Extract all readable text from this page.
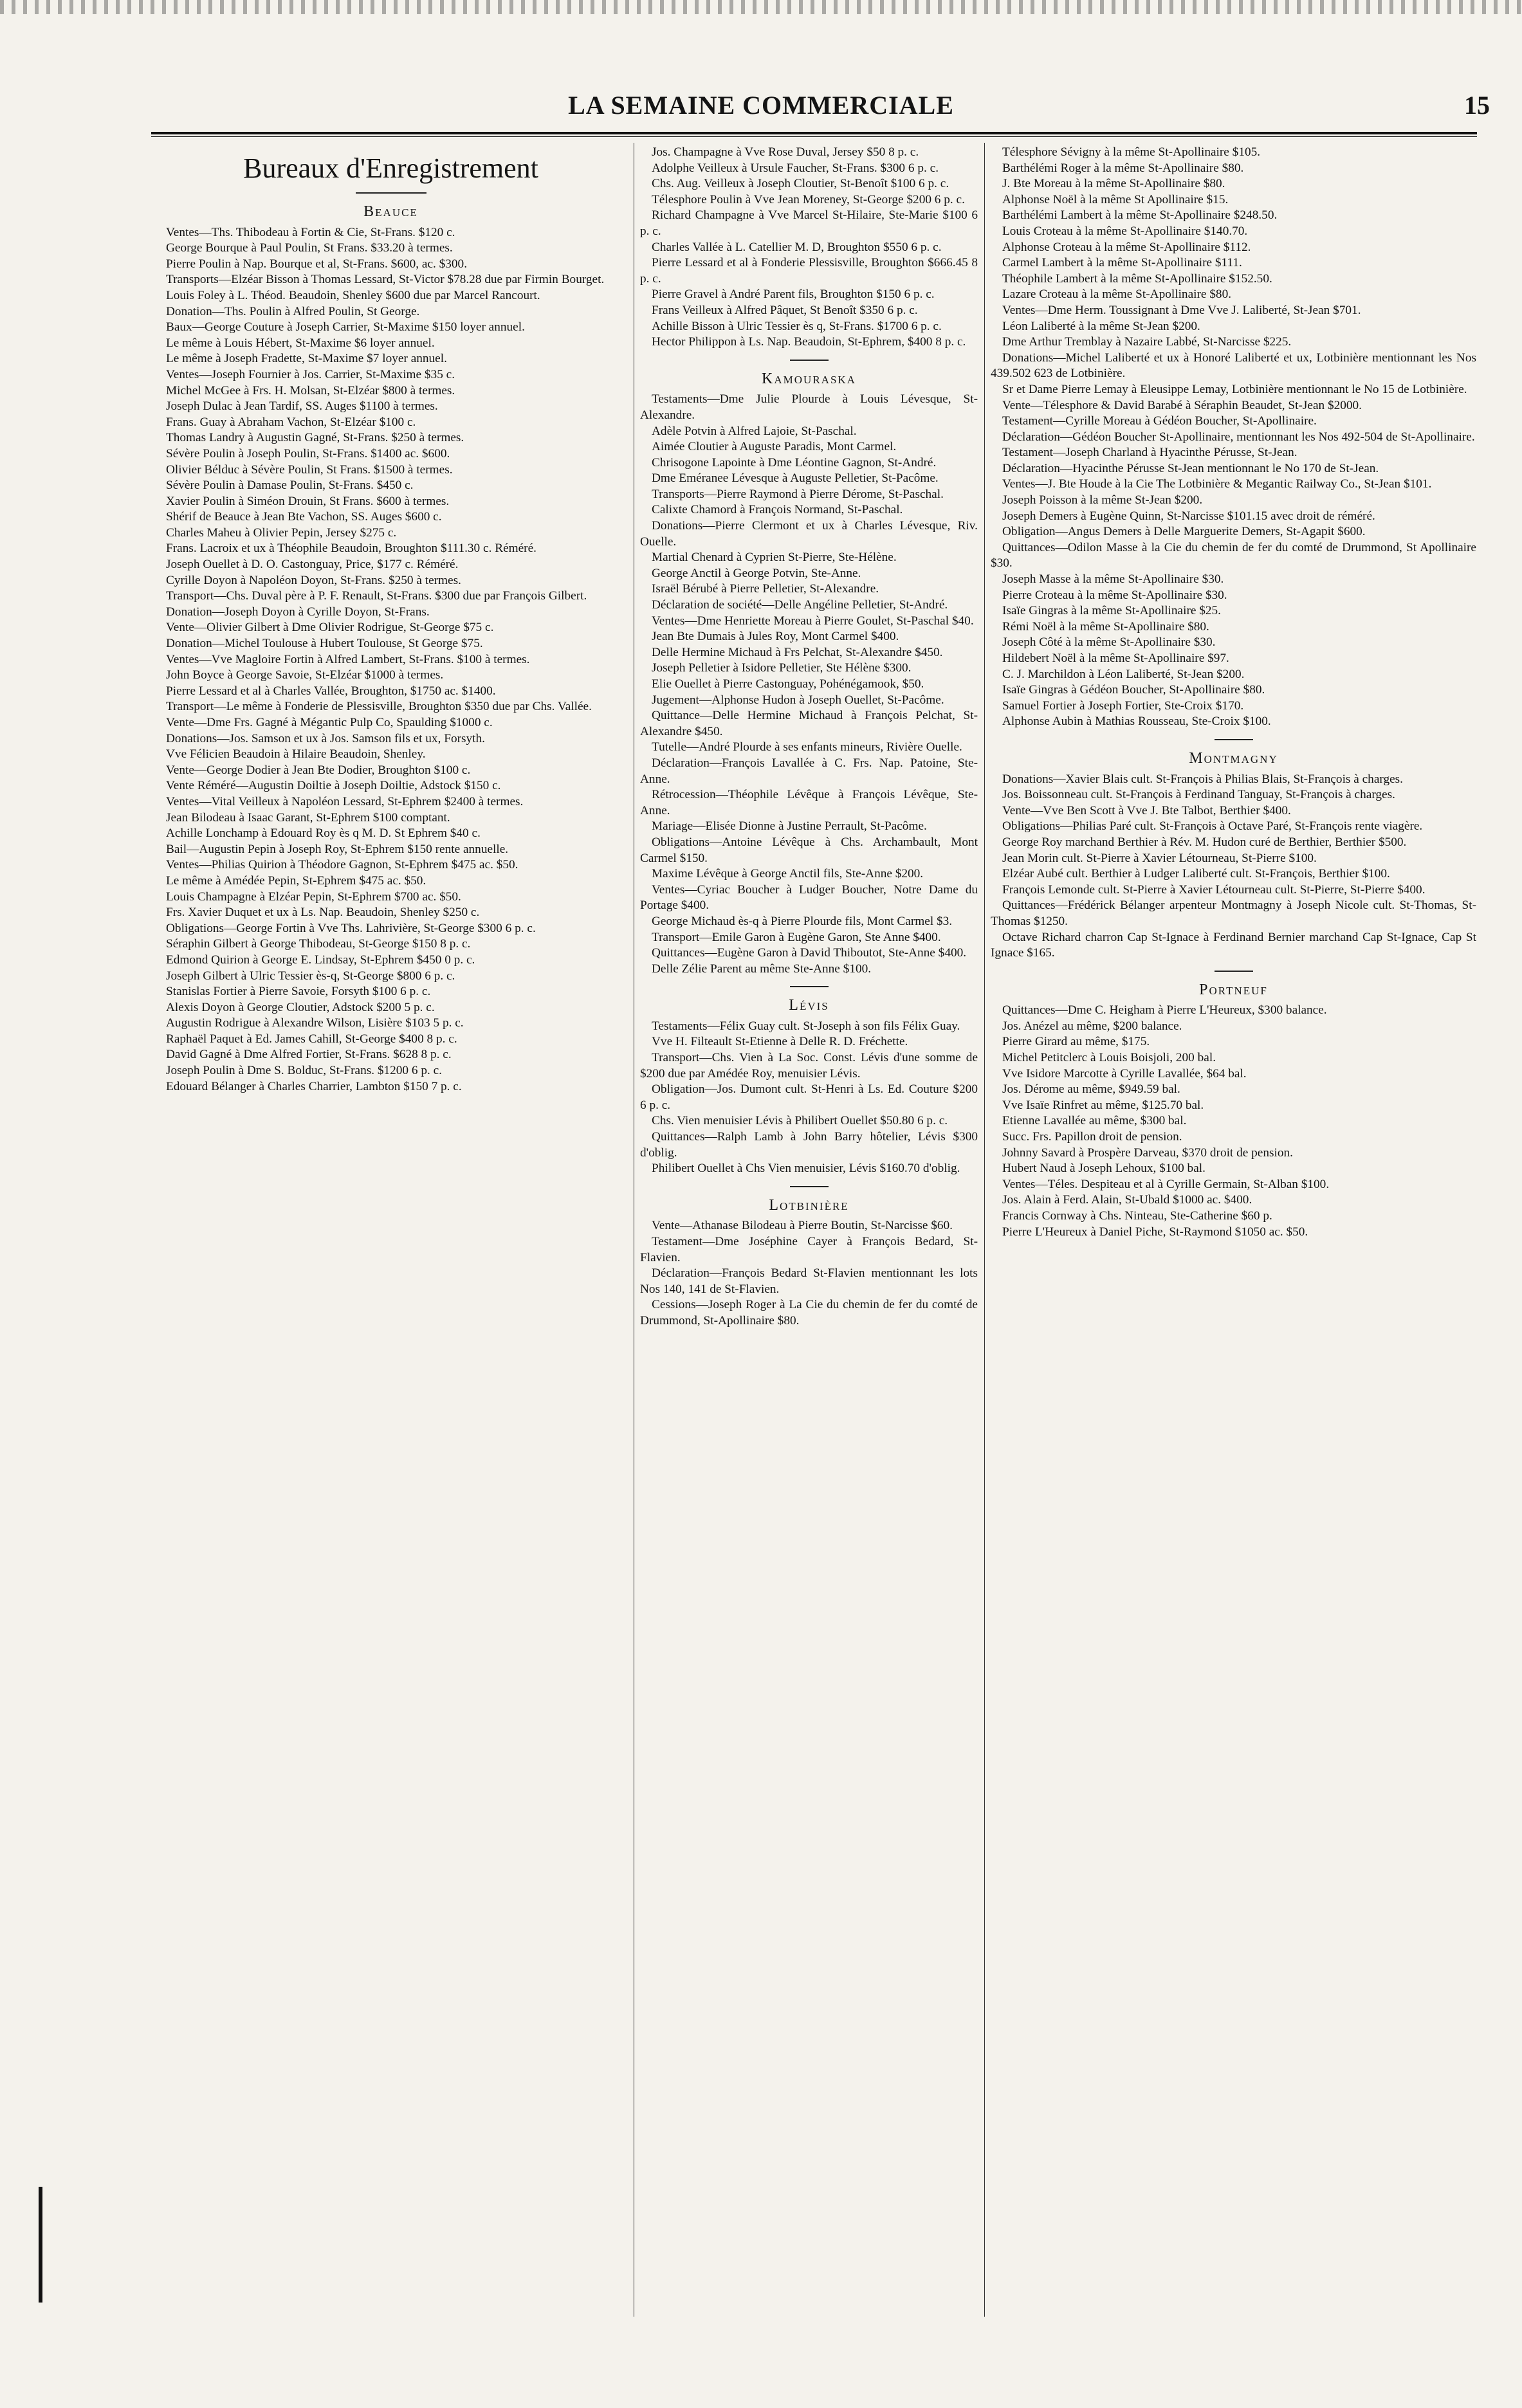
LA SEMAINE COMMERCIALE	15
Bureaux d'Enregistrement
Beauce

Ventes—Ths. Thibodeau à Fortin & Cie, St-Frans. $120 c.

George Bourque à Paul Poulin, St Frans. $33.20 à termes.

Pierre Poulin à Nap. Bourque et al, St-Frans. $600, ac. $300.

Transports—Elzéar Bisson à Thomas Lessard, St-Victor $78.28 due par Firmin Bourget.

Louis Foley à L. Théod. Beaudoin, Shenley $600 due par Marcel Rancourt.

Donation—Ths. Poulin à Alfred Poulin, St George.

Baux—George Couture à Joseph Carrier, St-Maxime $150 loyer annuel.

Le même à Louis Hébert, St-Maxime $6 loyer annuel.

Le même à Joseph Fradette, St-Maxime $7 loyer annuel.

Ventes—Joseph Fournier à Jos. Carrier, St-Maxime $35 c.

Michel McGee à Frs. H. Molsan, St-Elzéar $800 à termes.

Joseph Dulac à Jean Tardif, SS. Auges $1100 à termes.

Frans. Guay à Abraham Vachon, St-Elzéar $100 c.

Thomas Landry à Augustin Gagné, St-Frans. $250 à termes.

Sévère Poulin à Joseph Poulin, St-Frans. $1400 ac. $600.

Olivier Bélduc à Sévère Poulin, St Frans. $1500 à termes.

Sévère Poulin à Damase Poulin, St-Frans. $450 c.

Xavier Poulin à Siméon Drouin, St Frans. $600 à termes.

Shérif de Beauce à Jean Bte Vachon, SS. Auges $600 c.

Charles Maheu à Olivier Pepin, Jersey $275 c.

Frans. Lacroix et ux à Théophile Beaudoin, Broughton $111.30 c. Réméré.

Joseph Ouellet à D. O. Castonguay, Price, $177 c. Réméré.

Cyrille Doyon à Napoléon Doyon, St-Frans. $250 à termes.

Transport—Chs. Duval père à P. F. Renault, St-Frans. $300 due par François Gilbert.

Donation—Joseph Doyon à Cyrille Doyon, St-Frans.

Vente—Olivier Gilbert à Dme Olivier Rodrigue, St-George $75 c.

Donation—Michel Toulouse à Hubert Toulouse, St George $75.

Ventes—Vve Magloire Fortin à Alfred Lambert, St-Frans. $100 à termes.

John Boyce à George Savoie, St-Elzéar $1000 à termes.

Pierre Lessard et al à Charles Vallée, Broughton, $1750 ac. $1400.

Transport—Le même à Fonderie de Plessisville, Broughton $350 due par Chs. Vallée.

Vente—Dme Frs. Gagné à Mégantic Pulp Co, Spaulding $1000 c.

Donations—Jos. Samson et ux à Jos. Samson fils et ux, Forsyth.

Vve Félicien Beaudoin à Hilaire Beaudoin, Shenley.

Vente—George Dodier à Jean Bte Dodier, Broughton $100 c.

Vente Réméré—Augustin Doiltie à Joseph Doiltie, Adstock $150 c.

Ventes—Vital Veilleux à Napoléon Lessard, St-Ephrem $2400 à termes.

Jean Bilodeau à Isaac Garant, St-Ephrem $100 comptant.

Achille Lonchamp à Edouard Roy ès q M. D. St Ephrem $40 c.

Bail—Augustin Pepin à Joseph Roy, St-Ephrem $150 rente annuelle.

Ventes—Philias Quirion à Théodore Gagnon, St-Ephrem $475 ac. $50.

Le même à Amédée Pepin, St-Ephrem $475 ac. $50.

Louis Champagne à Elzéar Pepin, St-Ephrem $700 ac. $50.

Frs. Xavier Duquet et ux à Ls. Nap. Beaudoin, Shenley $250 c.

Obligations—George Fortin à Vve Ths. Lahrivière, St-George $300 6 p. c.

Séraphin Gilbert à George Thibodeau, St-George $150 8 p. c.

Edmond Quirion à George E. Lindsay, St-Ephrem $450 0 p. c.

Joseph Gilbert à Ulric Tessier ès-q, St-George $800 6 p. c.

Stanislas Fortier à Pierre Savoie, Forsyth $100 6 p. c.

Alexis Doyon à George Cloutier, Adstock $200 5 p. c.

Augustin Rodrigue à Alexandre Wilson, Lisière $103 5 p. c.

Raphaël Paquet à Ed. James Cahill, St-George $400 8 p. c.

David Gagné à Dme Alfred Fortier, St-Frans. $628 8 p. c.

Joseph Poulin à Dme S. Bolduc, St-Frans. $1200 6 p. c.

Edouard Bélanger à Charles Charrier, Lambton $150 7 p. c.

Jos. Champagne à Vve Rose Duval, Jersey $50 8 p. c.

Adolphe Veilleux à Ursule Faucher, St-Frans. $300 6 p. c.

Chs. Aug. Veilleux à Joseph Cloutier, St-Benoît $100 6 p. c.

Télesphore Poulin à Vve Jean Moreney, St-George $200 6 p. c.

Richard Champagne à Vve Marcel St-Hilaire, Ste-Marie $100 6 p. c.

Charles Vallée à L. Catellier M. D, Broughton $550 6 p. c.

Pierre Lessard et al à Fonderie Plessisville, Broughton $666.45 8 p. c.

Pierre Gravel à André Parent fils, Broughton $150 6 p. c.

Frans Veilleux à Alfred Pâquet, St Benoît $350 6 p. c.

Achille Bisson à Ulric Tessier ès q, St-Frans. $1700 6 p. c.

Hector Philippon à Ls. Nap. Beaudoin, St-Ephrem, $400 8 p. c.

Kamouraska

Testaments—Dme Julie Plourde à Louis Lévesque, St-Alexandre.

Adèle Potvin à Alfred Lajoie, St-Paschal.

Aimée Cloutier à Auguste Paradis, Mont Carmel.

Chrisogone Lapointe à Dme Léontine Gagnon, St-André.

Dme Eméranee Lévesque à Auguste Pelletier, St-Pacôme.

Transports—Pierre Raymond à Pierre Dérome, St-Paschal.

Calixte Chamord à François Normand, St-Paschal.

Donations—Pierre Clermont et ux à Charles Lévesque, Riv. Ouelle.

Martial Chenard à Cyprien St-Pierre, Ste-Hélène.

George Anctil à George Potvin, Ste-Anne.

Israël Bérubé à Pierre Pelletier, St-Alexandre.

Déclaration de société—Delle Angéline Pelletier, St-André.

Ventes—Dme Henriette Moreau à Pierre Goulet, St-Paschal $40.

Jean Bte Dumais à Jules Roy, Mont Carmel $400.

Delle Hermine Michaud à Frs Pelchat, St-Alexandre $450.

Joseph Pelletier à Isidore Pelletier, Ste Hélène $300.

Elie Ouellet à Pierre Castonguay, Pohénégamook, $50.

Jugement—Alphonse Hudon à Joseph Ouellet, St-Pacôme.

Quittance—Delle Hermine Michaud à François Pelchat, St-Alexandre $450.

Tutelle—André Plourde à ses enfants mineurs, Rivière Ouelle.

Déclaration—François Lavallée à C. Frs. Nap. Patoine, Ste-Anne.

Rétrocession—Théophile Lévêque à François Lévêque, Ste-Anne.

Mariage—Elisée Dionne à Justine Perrault, St-Pacôme.

Obligations—Antoine Lévêque à Chs. Archambault, Mont Carmel $150.

Maxime Lévêque à George Anctil fils, Ste-Anne $200.

Ventes—Cyriac Boucher à Ludger Boucher, Notre Dame du Portage $400.

George Michaud ès-q à Pierre Plourde fils, Mont Carmel $3.

Transport—Emile Garon à Eugène Garon, Ste Anne $400.

Quittances—Eugène Garon à David Thiboutot, Ste-Anne $400.

Delle Zélie Parent au même Ste-Anne $100.

Lévis

Testaments—Félix Guay cult. St-Joseph à son fils Félix Guay.

Vve H. Filteault St-Etienne à Delle R. D. Fréchette.

Transport—Chs. Vien à La Soc. Const. Lévis d'une somme de $200 due par Amédée Roy, menuisier Lévis.

Obligation—Jos. Dumont cult. St-Henri à Ls. Ed. Couture $200 6 p. c.

Chs. Vien menuisier Lévis à Philibert Ouellet $50.80 6 p. c.

Quittances—Ralph Lamb à John Barry hôtelier, Lévis $300 d'oblig.

Philibert Ouellet à Chs Vien menuisier, Lévis $160.70 d'oblig.

Lotbinière

Vente—Athanase Bilodeau à Pierre Boutin, St-Narcisse $60.

Testament—Dme Joséphine Cayer à François Bedard, St-Flavien.

Déclaration—François Bedard St-Flavien mentionnant les lots Nos 140, 141 de St-Flavien.

Cessions—Joseph Roger à La Cie du chemin de fer du comté de Drummond, St-Apollinaire $80.

Télesphore Sévigny à la même St-Apollinaire $105.

Barthélémi Roger à la même St-Apollinaire $80.

J. Bte Moreau à la même St-Apollinaire $80.

Alphonse Noël à la même St Apollinaire $15.

Barthélémi Lambert à la même St-Apollinaire $248.50.

Louis Croteau à la même St-Apollinaire $140.70.

Alphonse Croteau à la même St-Apollinaire $112.

Carmel Lambert à la même St-Apollinaire $111.

Théophile Lambert à la même St-Apollinaire $152.50.

Lazare Croteau à la même St-Apollinaire $80.

Ventes—Dme Herm. Toussignant à Dme Vve J. Laliberté, St-Jean $701.

Léon Laliberté à la même St-Jean $200.

Dme Arthur Tremblay à Nazaire Labbé, St-Narcisse $225.

Donations—Michel Laliberté et ux à Honoré Laliberté et ux, Lotbinière mentionnant les Nos 439.502 623 de Lotbinière.

Sr et Dame Pierre Lemay à Eleusippe Lemay, Lotbinière mentionnant le No 15 de Lotbinière.

Vente—Télesphore & David Barabé à Séraphin Beaudet, St-Jean $2000.

Testament—Cyrille Moreau à Gédéon Boucher, St-Apollinaire.

Déclaration—Gédéon Boucher St-Apollinaire, mentionnant les Nos 492-504 de St-Apollinaire.

Testament—Joseph Charland à Hyacinthe Pérusse, St-Jean.

Déclaration—Hyacinthe Pérusse St-Jean mentionnant le No 170 de St-Jean.

Ventes—J. Bte Houde à la Cie The Lotbinière & Megantic Railway Co., St-Jean $101.

Joseph Poisson à la même St-Jean $200.

Joseph Demers à Eugène Quinn, St-Narcisse $101.15 avec droit de réméré.

Obligation—Angus Demers à Delle Marguerite Demers, St-Agapit $600.

Quittances—Odilon Masse à la Cie du chemin de fer du comté de Drummond, St Apollinaire $30.

Joseph Masse à la même St-Apollinaire $30.

Pierre Croteau à la même St-Apollinaire $30.

Isaïe Gingras à la même St-Apollinaire $25.

Rémi Noël à la même St-Apollinaire $80.

Joseph Côté à la même St-Apollinaire $30.

Hildebert Noël à la même St-Apollinaire $97.

C. J. Marchildon à Léon Laliberté, St-Jean $200.

Isaïe Gingras à Gédéon Boucher, St-Apollinaire $80.

Samuel Fortier à Joseph Fortier, Ste-Croix $170.

Alphonse Aubin à Mathias Rousseau, Ste-Croix $100.

Montmagny

Donations—Xavier Blais cult. St-François à Philias Blais, St-François à charges.

Jos. Boissonneau cult. St-François à Ferdinand Tanguay, St-François à charges.

Vente—Vve Ben Scott à Vve J. Bte Talbot, Berthier $400.

Obligations—Philias Paré cult. St-François à Octave Paré, St-François rente viagère.

George Roy marchand Berthier à Rév. M. Hudon curé de Berthier, Berthier $500.

Jean Morin cult. St-Pierre à Xavier Létourneau, St-Pierre $100.

Elzéar Aubé cult. Berthier à Ludger Laliberté cult. St-François, Berthier $100.

François Lemonde cult. St-Pierre à Xavier Létourneau cult. St-Pierre, St-Pierre $400.

Quittances—Frédérick Bélanger arpenteur Montmagny à Joseph Nicole cult. St-Thomas, St-Thomas $1250.

Octave Richard charron Cap St-Ignace à Ferdinand Bernier marchand Cap St-Ignace, Cap St Ignace $165.

Portneuf

Quittances—Dme C. Heigham à Pierre L'Heureux, $300 balance.

Jos. Anézel au même, $200 balance.

Pierre Girard au même, $175.

Michel Petitclerc à Louis Boisjoli, 200 bal.

Vve Isidore Marcotte à Cyrille Lavallée, $64 bal.

Jos. Dérome au même, $949.59 bal.

Vve Isaïe Rinfret au même, $125.70 bal.

Etienne Lavallée au même, $300 bal.

Succ. Frs. Papillon droit de pension.

Johnny Savard à Prospère Darveau, $370 droit de pension.

Hubert Naud à Joseph Lehoux, $100 bal.

Ventes—Téles. Despiteau et al à Cyrille Germain, St-Alban $100.

Jos. Alain à Ferd. Alain, St-Ubald $1000 ac. $400.

Francis Cornway à Chs. Ninteau, Ste-Catherine $60 p.

Pierre L'Heureux à Daniel Piche, St-Raymond $1050 ac. $50.
